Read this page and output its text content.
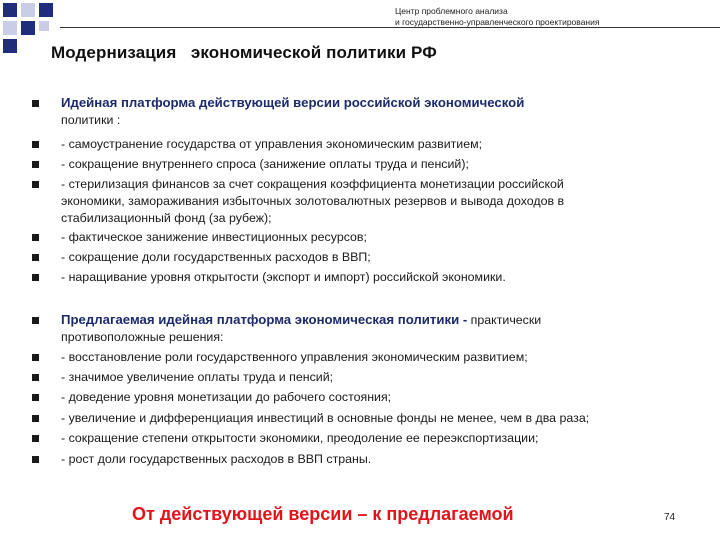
Центр проблемного анализа
и государственно-управленческого проектирования
Модернизация   экономической политики РФ
Идейная платформа действующей версии российской экономической
политики :
- самоустранение государства от управления экономическим развитием;
- сокращение внутреннего спроса (занижение оплаты труда и пенсий);
- стерилизация финансов за счет сокращения коэффициента монетизации российской
экономики, замораживания избыточных золотовалютных резервов и вывода доходов в
стабилизационный фонд (за рубеж);
- фактическое занижение инвестиционных ресурсов;
- сокращение доли государственных расходов в ВВП;
- наращивание уровня открытости (экспорт и импорт) российской экономики.
Предлагаемая идейная платформа экономическая политики - практически
противоположные решения:
- восстановление роли государственного управления экономическим развитием;
- значимое увеличение оплаты труда и пенсий;
- доведение уровня монетизации до рабочего состояния;
- увеличение и дифференциация инвестиций в основные фонды не менее, чем в два раза;
- сокращение степени открытости экономики, преодоление ее переэкспортизации;
- рост доли государственных расходов в ВВП страны.
От действующей версии – к предлагаемой	74
